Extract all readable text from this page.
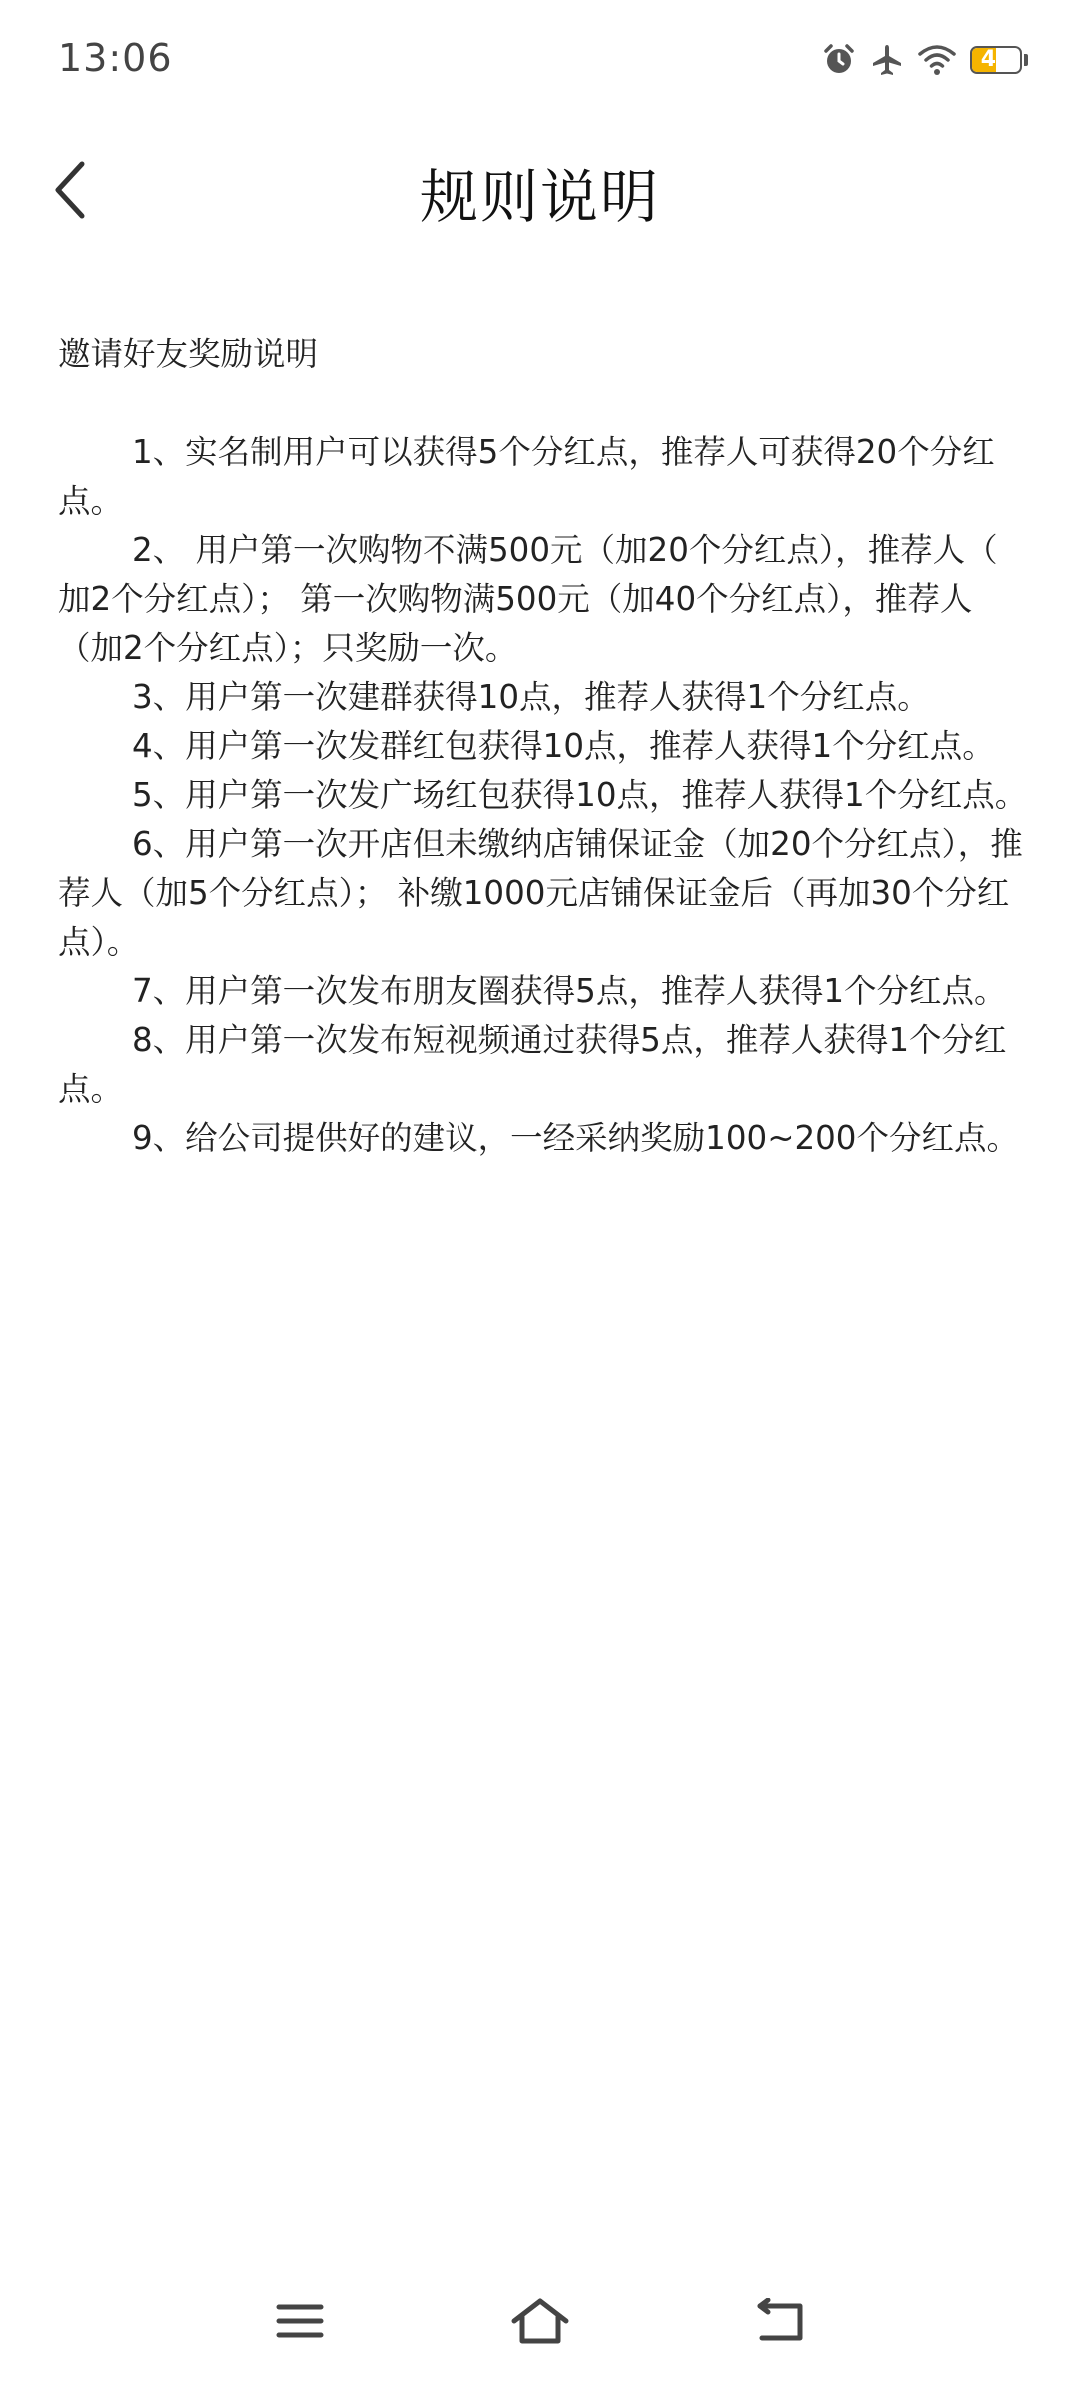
13:06	49
规则说明

邀请好友奖励说明

1、实名制用户可以获得5个分红点，推荐人可获得20个分红点。

2、 用户第一次购物不满500元（加20个分红点），推荐人（ 加2个分红点）； 第一次购物满500元（加40个分红点），推荐人（加2个分红点）；只奖励一次。

3、用户第一次建群获得10点，推荐人获得1个分红点。

4、用户第一次发群红包获得10点，推荐人获得1个分红点。

5、用户第一次发广场红包获得10点，推荐人获得1个分红点。

6、用户第一次开店但未缴纳店铺保证金（加20个分红点），推荐人（加5个分红点）； 补缴1000元店铺保证金后（再加30个分红点）。

7、用户第一次发布朋友圈获得5点，推荐人获得1个分红点。

8、用户第一次发布短视频通过获得5点，推荐人获得1个分红点。

9、给公司提供好的建议，一经采纳奖励100~200个分红点。
